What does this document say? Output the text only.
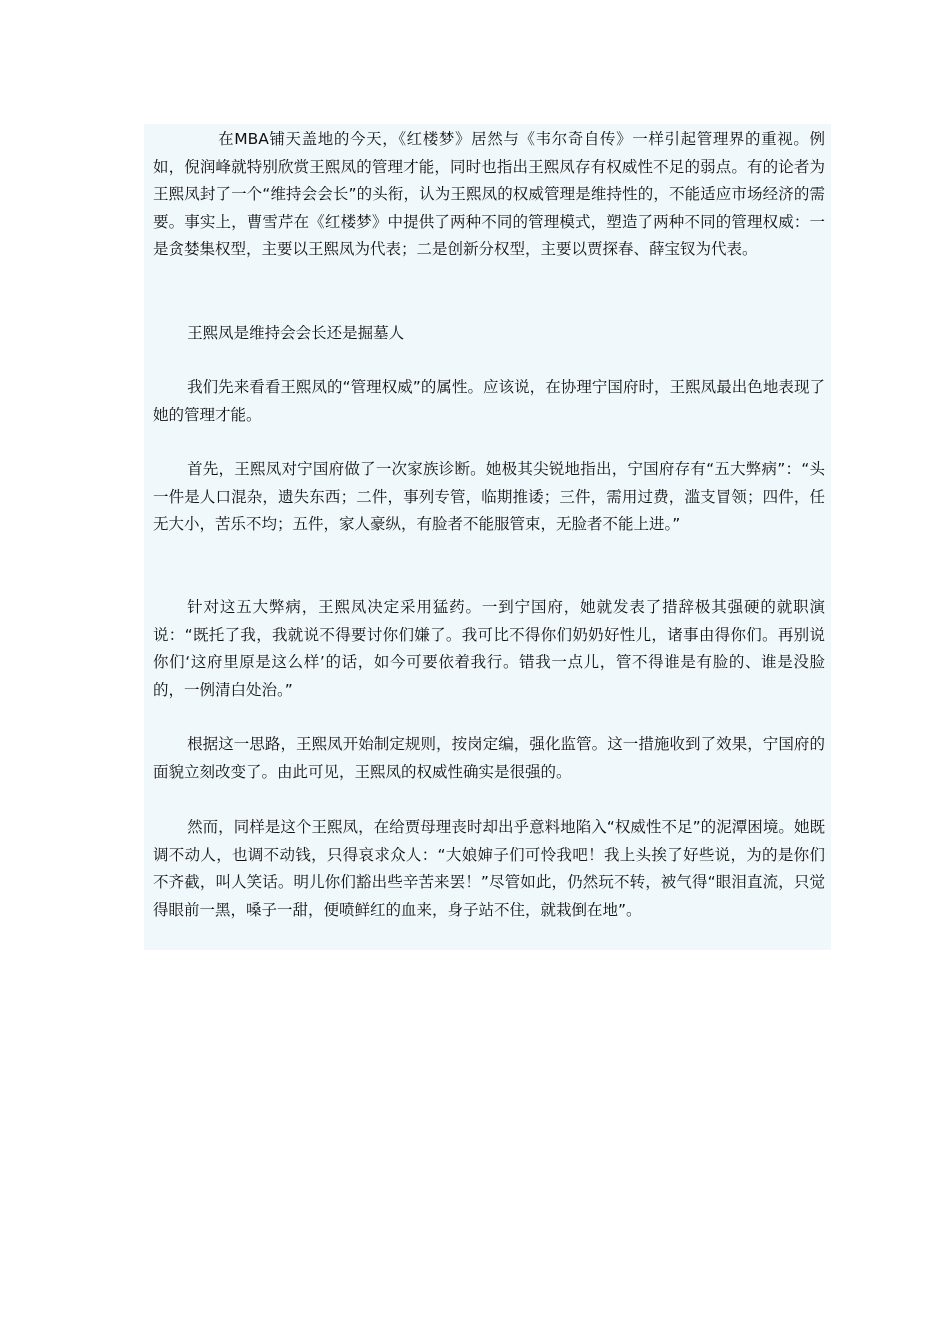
在MBA铺天盖地的今天，《红楼梦》居然与《韦尔奇自传》一样引起管理界的重视。例如，倪润峰就特别欣赏王熙凤的管理才能，同时也指出王熙凤存有权威性不足的弱点。有的论者为王熙凤封了一个“维持会会长”的头衔，认为王熙凤的权威管理是维持性的，不能适应市场经济的需要。事实上，曹雪芹在《红楼梦》中提供了两种不同的管理模式，塑造了两种不同的管理权威：一是贪婪集权型，主要以王熙凤为代表；二是创新分权型，主要以贾探春、薛宝钗为代表。

王熙凤是维持会会长还是掘墓人

我们先来看看王熙凤的“管理权威”的属性。应该说，在协理宁国府时，王熙凤最出色地表现了她的管理才能。

首先，王熙凤对宁国府做了一次家族诊断。她极其尖锐地指出，宁国府存有“五大弊病”：“头一件是人口混杂，遗失东西；二件，事列专管，临期推诿；三件，需用过费，滥支冒领；四件，任无大小，苦乐不均；五件，家人豪纵，有脸者不能服管束，无脸者不能上进。”

针对这五大弊病，王熙凤决定采用猛药。一到宁国府，她就发表了措辞极其强硬的就职演说：“既托了我，我就说不得要讨你们嫌了。我可比不得你们奶奶好性儿，诸事由得你们。再别说你们‘这府里原是这么样’的话，如今可要依着我行。错我一点儿，管不得谁是有脸的、谁是没脸的，一例清白处治。”

根据这一思路，王熙凤开始制定规则，按岗定编，强化监管。这一措施收到了效果，宁国府的面貌立刻改变了。由此可见，王熙凤的权威性确实是很强的。

然而，同样是这个王熙凤，在给贾母理丧时却出乎意料地陷入“权威性不足”的泥潭困境。她既调不动人，也调不动钱，只得哀求众人：“大娘婶子们可怜我吧！我上头挨了好些说，为的是你们不齐截，叫人笑话。明儿你们豁出些辛苦来罢！”尽管如此，仍然玩不转，被气得“眼泪直流，只觉得眼前一黑，嗓子一甜，便喷鲜红的血来，身子站不住，就栽倒在地”。
